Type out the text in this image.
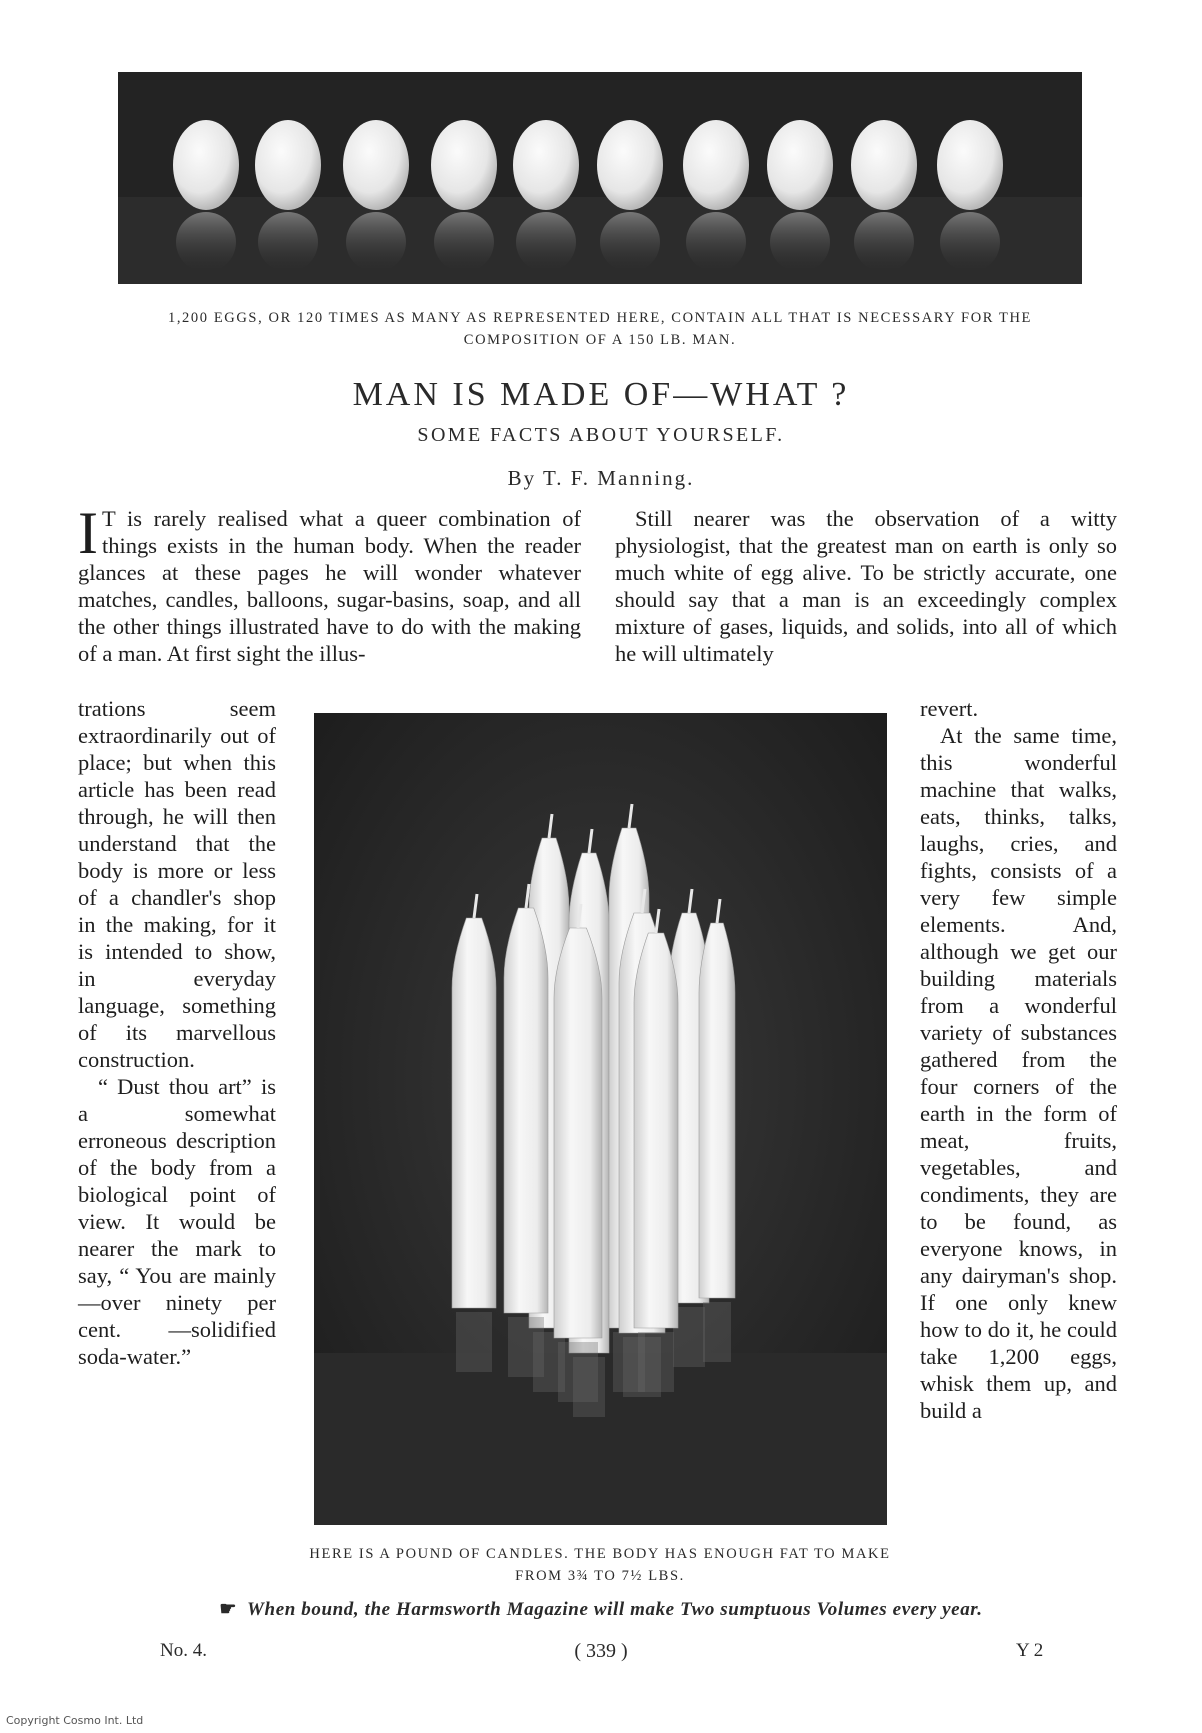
1,200 EGGS, OR 120 TIMES AS MANY AS REPRESENTED HERE, CONTAIN ALL THAT IS NECESSARY FOR THE COMPOSITION OF A 150 LB. MAN.
MAN IS MADE OF—WHAT ?
SOME FACTS ABOUT YOURSELF.
By T. F. Manning.
I T is rarely realised what a queer combination of things exists in the human body. When the reader glances at these pages he will wonder whatever matches, candles, balloons, sugar-basins, soap, and all the other things illustrated have to do with the making of a man. At first sight the illus-

trations seem extraordinarily out of place; but when this article has been read through, he will then understand that the body is more or less of a chandler's shop in the making, for it is intended to show, in everyday language, something of its marvellous construction.

“ Dust thou art” is a somewhat erroneous description of the body from a biological point of view. It would be nearer the mark to say, “ You are mainly—over ninety per cent. —solidified soda-water.”

Still nearer was the observation of a witty physiologist, that the greatest man on earth is only so much white of egg alive. To be strictly accurate, one should say that a man is an exceedingly complex mixture of gases, liquids, and solids, into all of which he will ultimately

revert.

At the same time, this wonderful machine that walks, eats, thinks, talks, laughs, cries, and fights, consists of a very few simple elements. And, although we get our building materials from a wonderful variety of substances gathered from the four corners of the earth in the form of meat, fruits, vegetables, and condiments, they are to be found, as everyone knows, in any dairyman's shop. If one only knew how to do it, he could take 1,200 eggs, whisk them up, and build a

HERE IS A POUND OF CANDLES. THE BODY HAS ENOUGH FAT TO MAKE FROM 3¾ TO 7½ LBS.
☛ When bound, the Harmsworth Magazine will make Two sumptuous Volumes every year.
No. 4.	( 339 )	Y 2
Copyright Cosmo Int. Ltd
